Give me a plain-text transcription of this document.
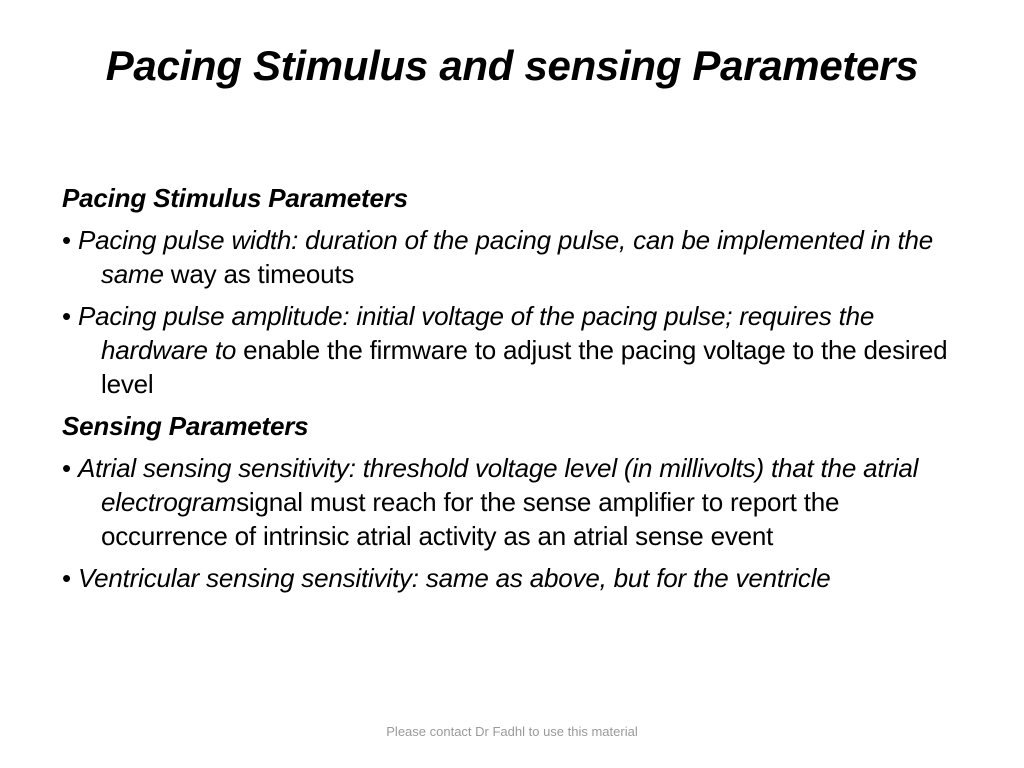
Pacing Stimulus and sensing Parameters
Pacing Stimulus Parameters
• Pacing pulse width: duration of the pacing pulse, can be implemented in the same way as timeouts
• Pacing pulse amplitude: initial voltage of the pacing pulse; requires the hardware to enable the firmware to adjust the pacing voltage to the desired level
Sensing Parameters
• Atrial sensing sensitivity: threshold voltage level (in millivolts) that the atrial electrogramsignal must reach for the sense amplifier to report the occurrence of intrinsic atrial activity as an atrial sense event
• Ventricular sensing sensitivity: same as above, but for the ventricle
Please contact Dr Fadhl to use this material
